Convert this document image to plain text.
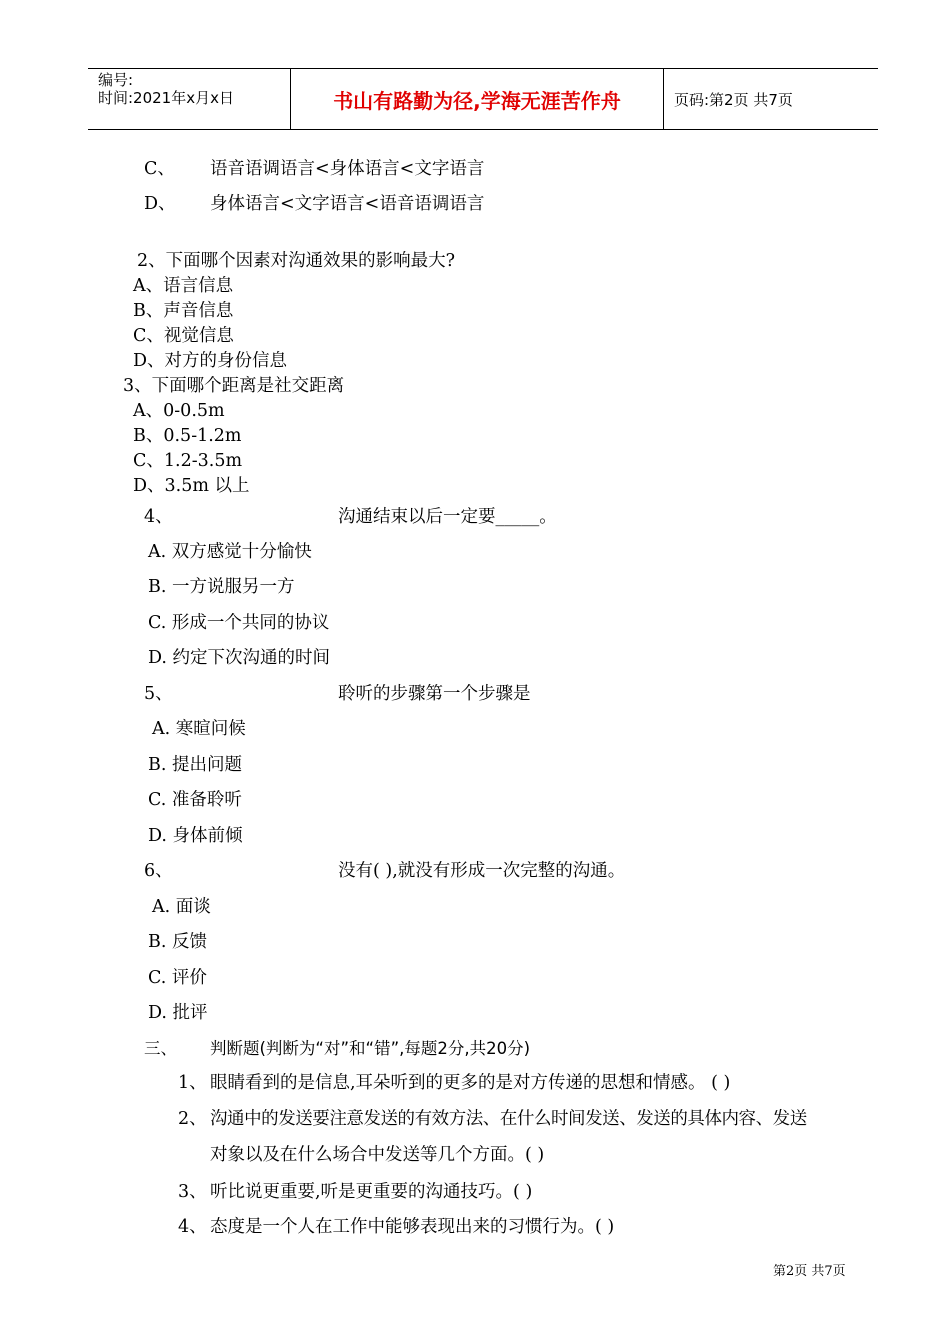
编号:
时间:2021年x月x日	书山有路勤为径,学海无涯苦作舟	页码:第2页 共7页
C、 语音语调语言<身体语言<文字语言
D、 身体语言<文字语言<语音语调语言
2、下面哪个因素对沟通效果的影响最大?
A、语言信息
B、声音信息
C、视觉信息
D、对方的身份信息
3、下面哪个距离是社交距离
A、0-0.5m
B、0.5-1.2m
C、1.2-3.5m
D、3.5m 以上
4、	沟通结束以后一定要_____。
A. 双方感觉十分愉快
B. 一方说服另一方
C. 形成一个共同的协议
D. 约定下次沟通的时间
5、	聆听的步骤第一个步骤是
A. 寒暄问候
B. 提出问题
C. 准备聆听
D. 身体前倾
6、	没有( ),就没有形成一次完整的沟通。
A. 面谈
B. 反馈
C. 评价
D. 批评
三、 判断题(判断为“对”和“错”,每题2分,共20分)
1、 眼睛看到的是信息,耳朵听到的更多的是对方传递的思想和情感。 ( )
2、 沟通中的发送要注意发送的有效方法、在什么时间发送、发送的具体内容、发送
对象以及在什么场合中发送等几个方面。( )
3、 听比说更重要,听是更重要的沟通技巧。( )
4、 态度是一个人在工作中能够表现出来的习惯行为。( )
第2页 共7页
